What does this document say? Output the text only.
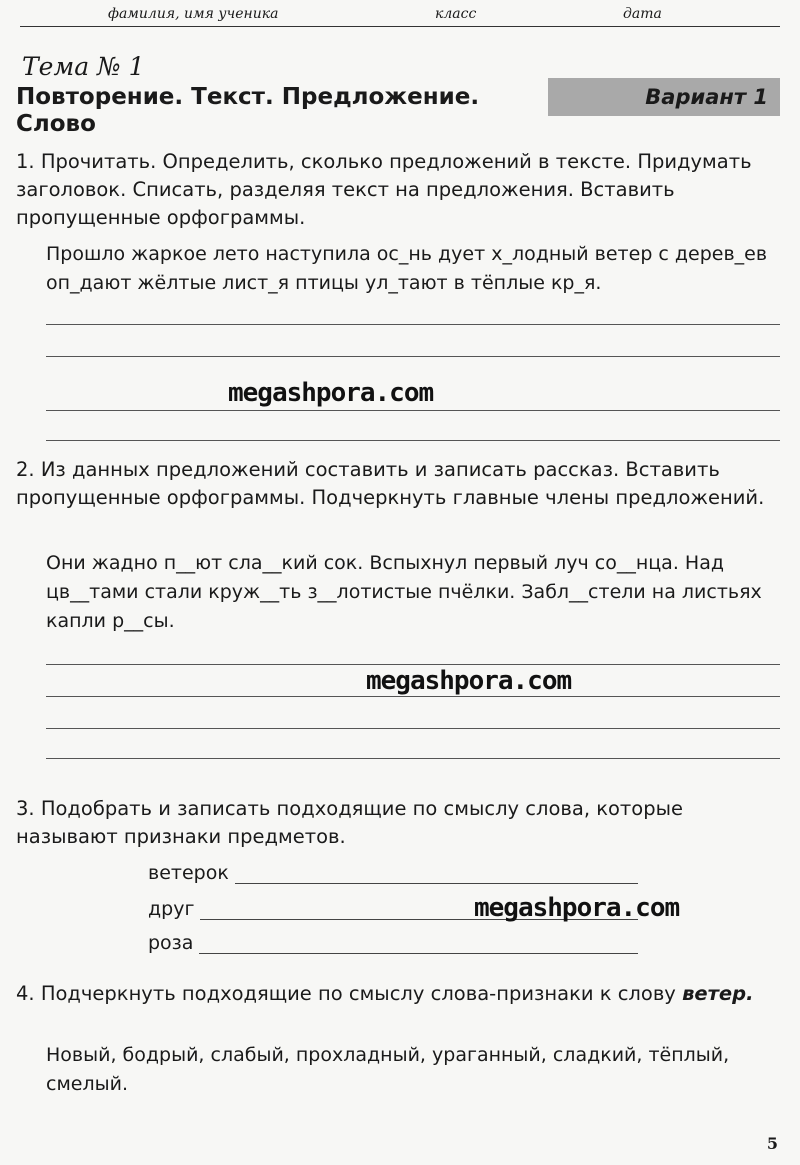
фамилия, имя ученика	класс	дата
Тема № 1
Повторение. Текст. Предложение. Слово
Вариант 1
1. Прочитать. Определить, сколько предложений в тексте. Придумать заголовок. Списать, разделяя текст на предложения. Вставить пропущенные орфограммы.
Прошло жаркое лето наступила ос_нь дует х_лодный ветер с дерев_ев оп_дают жёлтые лист_я птицы ул_тают в тёплые кр_я.
megashpora.com
2. Из данных предложений составить и записать рассказ. Вставить пропущенные орфограммы. Подчеркнуть главные члены предложений.
Они жадно п__ют сла__кий сок. Вспыхнул первый луч со__нца. Над цв__тами стали круж__ть з__лотистые пчёлки. Забл__стели на листьях капли р__сы.
megashpora.com
3. Подобрать и записать подходящие по смыслу слова, которые называют признаки предметов.
ветерок
друг
роза
megashpora.com
4. Подчеркнуть подходящие по смыслу слова-признаки к слову ветер.
Новый, бодрый, слабый, прохладный, ураганный, сладкий, тёплый, смелый.
5
